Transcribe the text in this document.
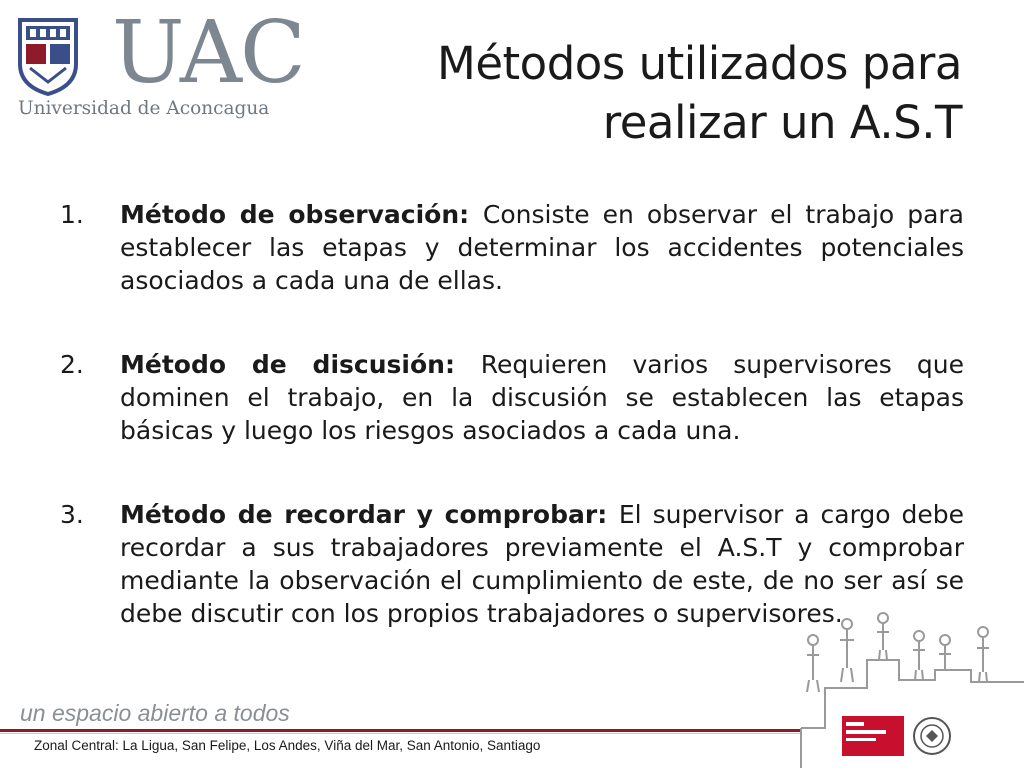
UAC
Universidad de Aconcagua
Métodos utilizados para
realizar un A.S.T
1. Método de observación: Consiste en observar el trabajo para establecer las etapas y determinar los accidentes potenciales asociados a cada una de ellas.
2. Método de discusión: Requieren varios supervisores que dominen el trabajo, en la discusión se establecen las etapas básicas y luego los riesgos asociados a cada una.
3. Método de recordar y comprobar: El supervisor a cargo debe recordar a sus trabajadores previamente el A.S.T y comprobar mediante la observación el cumplimiento de este, de no ser así se debe discutir con los propios trabajadores o supervisores.
un espacio abierto a todos
Zonal Central: La Ligua, San Felipe, Los Andes, Viña del Mar, San Antonio, Santiago
